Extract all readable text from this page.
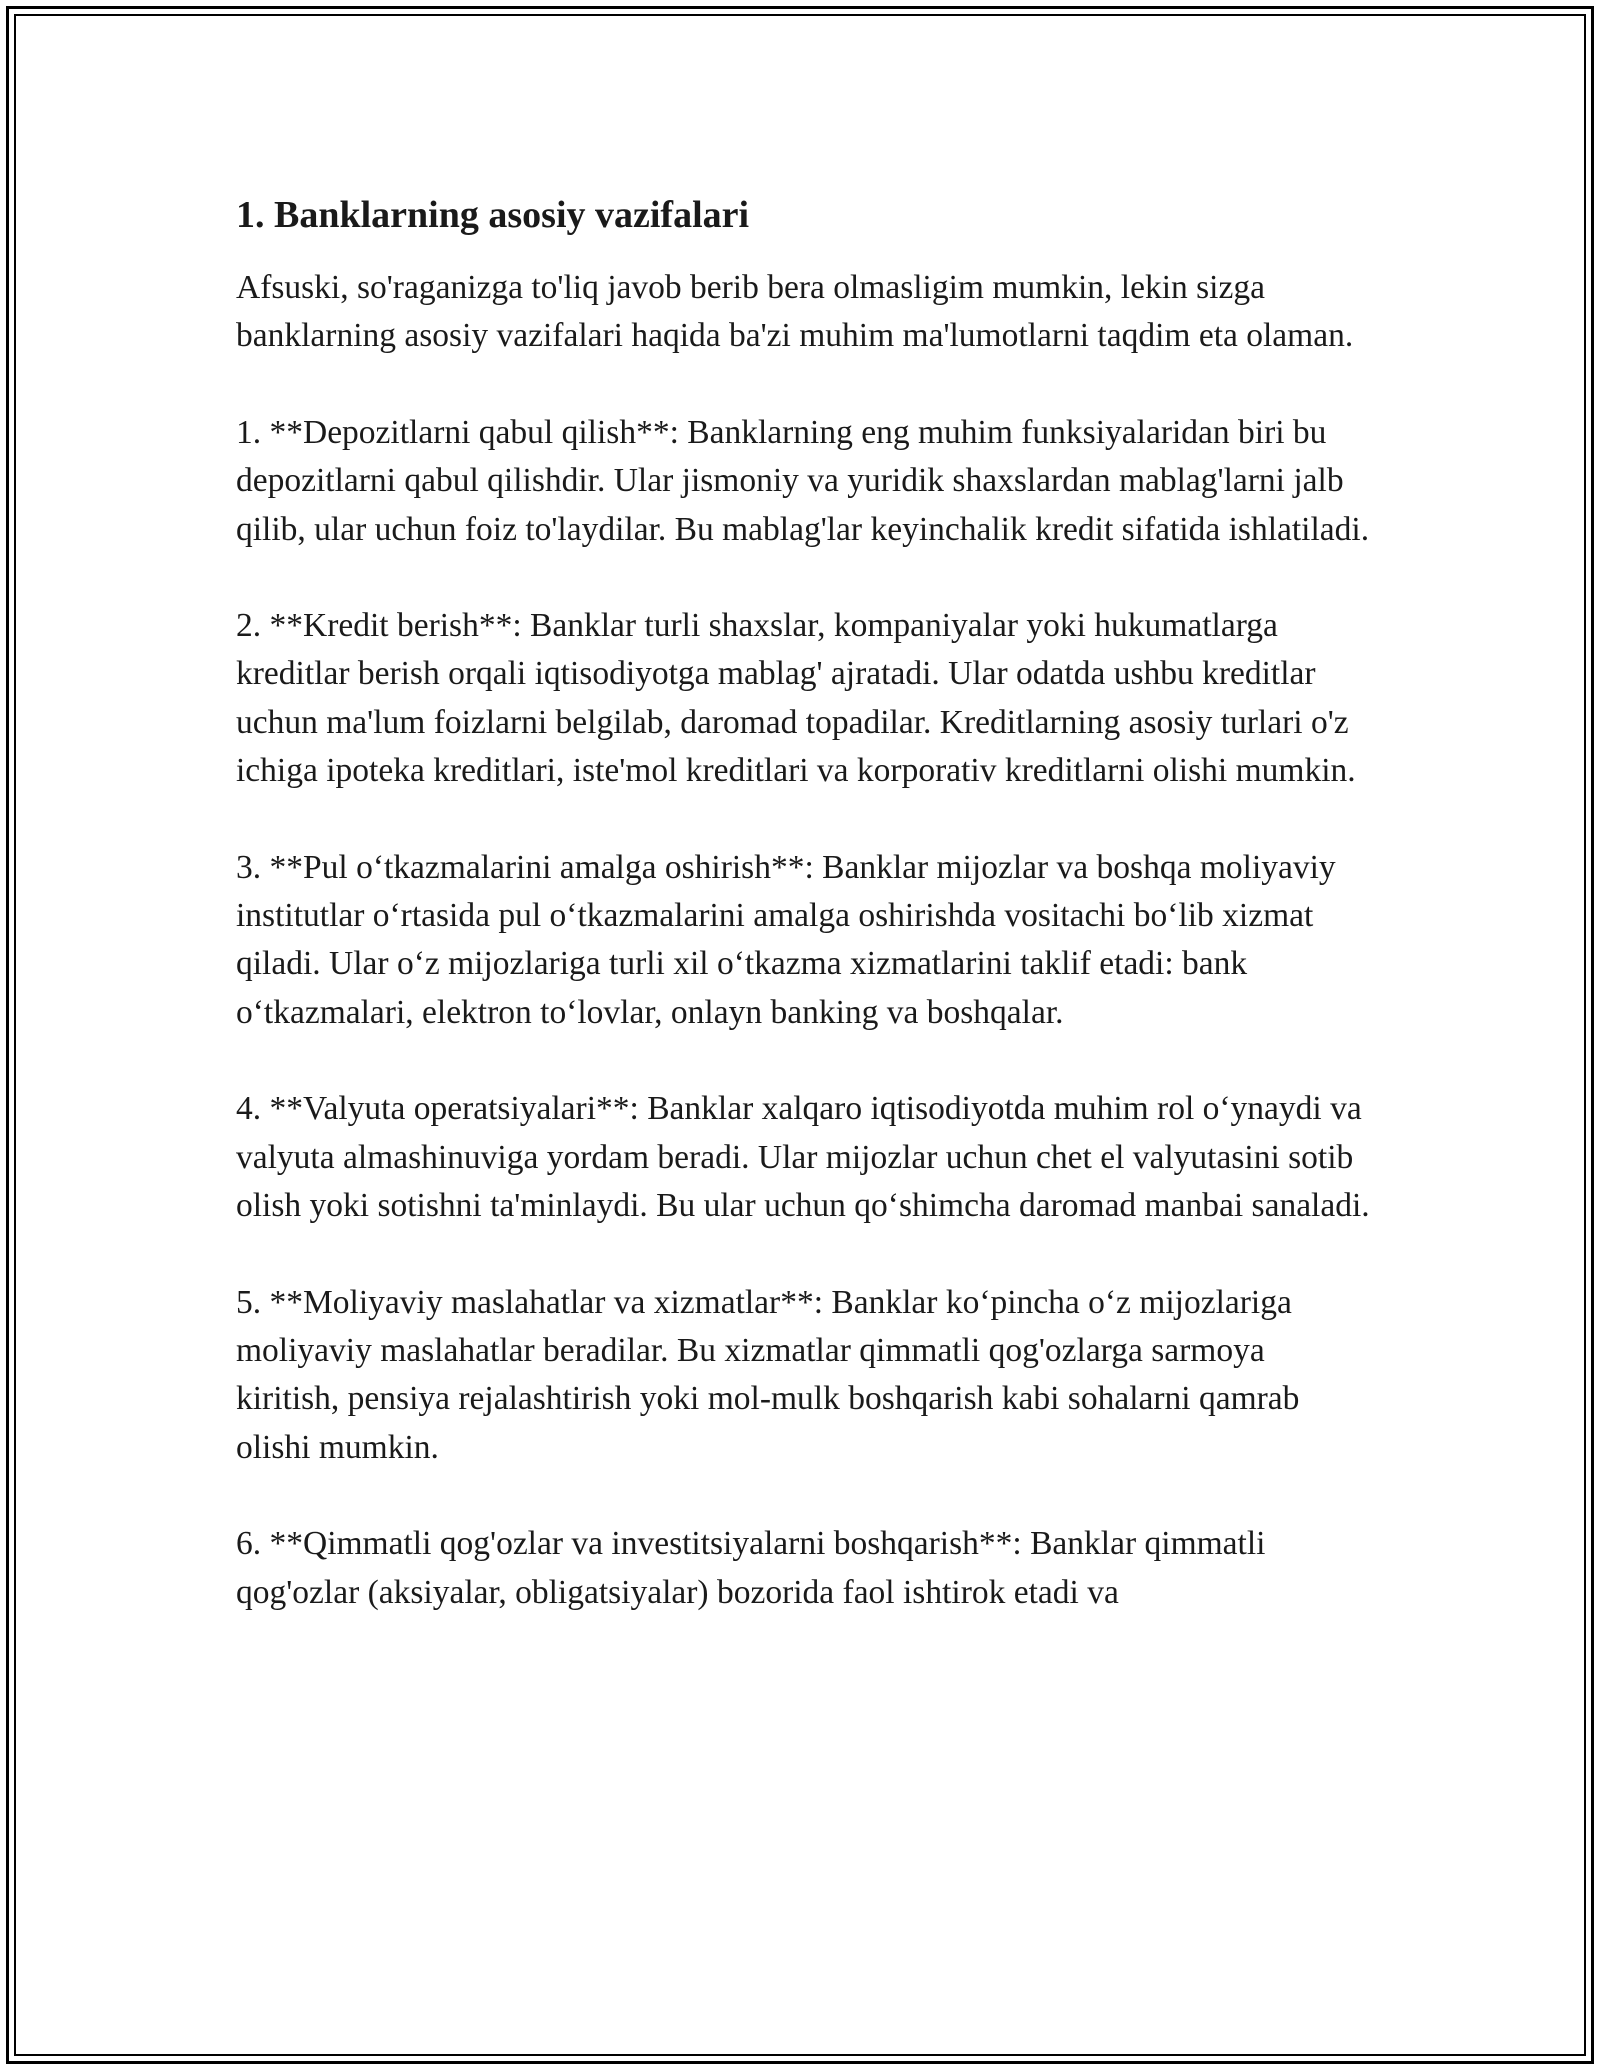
1. Banklarning asosiy vazifalari

Afsuski, so'raganizga to'liq javob berib bera olmasligim mumkin, lekin sizga banklarning asosiy vazifalari haqida ba'zi muhim ma'lumotlarni taqdim eta olaman.

1. **Depozitlarni qabul qilish**: Banklarning eng muhim funksiyalaridan biri bu depozitlarni qabul qilishdir. Ular jismoniy va yuridik shaxslardan mablag'larni jalb qilib, ular uchun foiz to'laydilar. Bu mablag'lar keyinchalik kredit sifatida ishlatiladi.

2. **Kredit berish**: Banklar turli shaxslar, kompaniyalar yoki hukumatlarga kreditlar berish orqali iqtisodiyotga mablag' ajratadi. Ular odatda ushbu kreditlar uchun ma'lum foizlarni belgilab, daromad topadilar. Kreditlarning asosiy turlari o'z ichiga ipoteka kreditlari, iste'mol kreditlari va korporativ kreditlarni olishi mumkin.

3. **Pul o‘tkazmalarini amalga oshirish**: Banklar mijozlar va boshqa moliyaviy institutlar o‘rtasida pul o‘tkazmalarini amalga oshirishda vositachi bo‘lib xizmat qiladi. Ular o‘z mijozlariga turli xil o‘tkazma xizmatlarini taklif etadi: bank o‘tkazmalari, elektron to‘lovlar, onlayn banking va boshqalar.

4. **Valyuta operatsiyalari**: Banklar xalqaro iqtisodiyotda muhim rol o‘ynaydi va valyuta almashinuviga yordam beradi. Ular mijozlar uchun chet el valyutasini sotib olish yoki sotishni ta'minlaydi. Bu ular uchun qo‘shimcha daromad manbai sanaladi.

5. **Moliyaviy maslahatlar va xizmatlar**: Banklar ko‘pincha o‘z mijozlariga moliyaviy maslahatlar beradilar. Bu xizmatlar qimmatli qog'ozlarga sarmoya kiritish, pensiya rejalashtirish yoki mol-mulk boshqarish kabi sohalarni qamrab olishi mumkin.

6. **Qimmatli qog'ozlar va investitsiyalarni boshqarish**: Banklar qimmatli qog'ozlar (aksiyalar, obligatsiyalar) bozorida faol ishtirok etadi va
